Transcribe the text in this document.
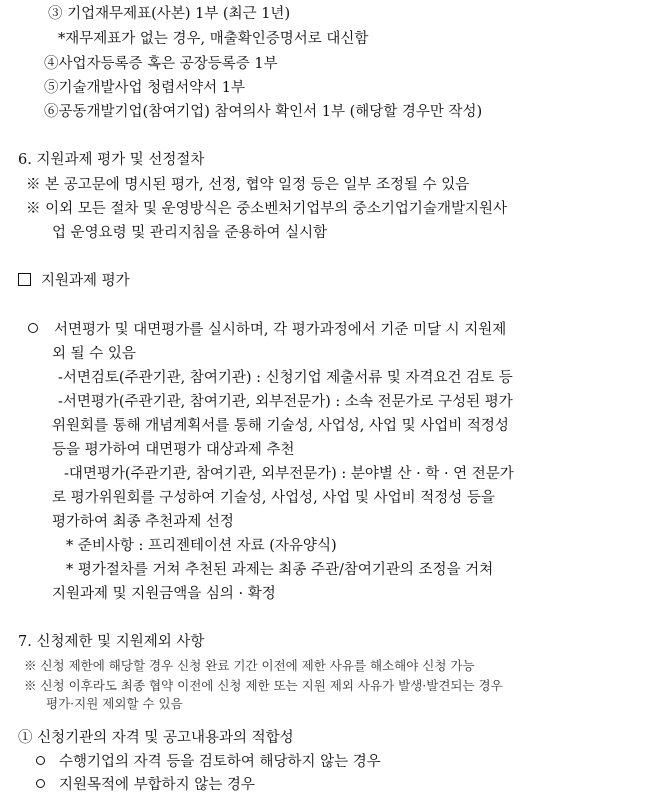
③ 기업재무제표(사본) 1부 (최근 1년)
*재무제표가 없는 경우, 매출확인증명서로 대신함
④사업자등록증 혹은 공장등록증 1부
⑤기술개발사업 청렴서약서 1부
⑥공동개발기업(참여기업) 참여의사 확인서 1부 (해당할 경우만 작성)
6. 지원과제 평가 및 선정절차
※ 본 공고문에 명시된 평가, 선정, 협약 일정 등은 일부 조정될 수 있음
※ 이외 모든 절차 및 운영방식은 중소벤처기업부의 중소기업기술개발지원사
업 운영요령 및 관리지침을 준용하여 실시함
지원과제 평가
서면평가 및 대면평가를 실시하며, 각 평가과정에서 기준 미달 시 지원제
외 될 수 있음
-서면검토(주관기관, 참여기관) : 신청기업 제출서류 및 자격요건 검토 등
-서면평가(주관기관, 참여기관, 외부전문가) : 소속 전문가로 구성된 평가
위원회를 통해 개념계획서를 통해 기술성, 사업성, 사업 및 사업비 적정성
등을 평가하여 대면평가 대상과제 추천
-대면평가(주관기관, 참여기관, 외부전문가) : 분야별 산 · 학 · 연 전문가
로 평가위원회를 구성하여 기술성, 사업성, 사업 및 사업비 적정성 등을
평가하여 최종 추천과제 선정
* 준비사항 : 프리젠테이션 자료 (자유양식)
* 평가절차를 거쳐 추천된 과제는 최종 주관/참여기관의 조정을 거쳐
지원과제 및 지원금액을 심의 · 확정
7. 신청제한 및 지원제외 사항
※ 신청 제한에 해당할 경우 신청 완료 기간 이전에 제한 사유를 해소해야 신청 가능
※ 신청 이후라도 최종 협약 이전에 신청 제한 또는 지원 제외 사유가 발생·발견되는 경우
평가·지원 제외할 수 있음
① 신청기관의 자격 및 공고내용과의 적합성
수행기업의 자격 등을 검토하여 해당하지 않는 경우
지원목적에 부합하지 않는 경우
